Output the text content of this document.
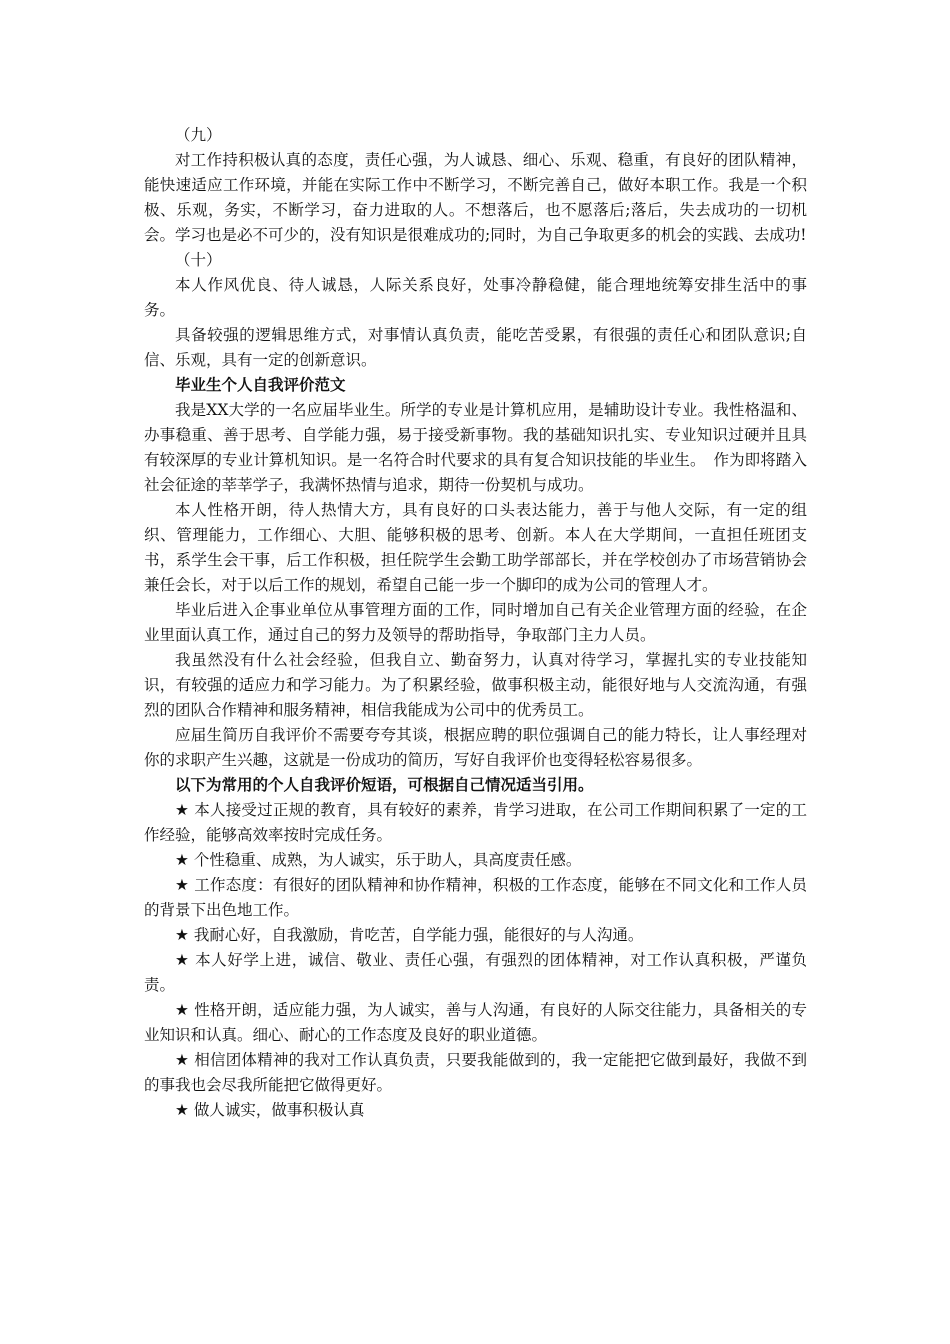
（九）

对工作持积极认真的态度，责任心强，为人诚恳、细心、乐观、稳重，有良好的团队精神，能快速适应工作环境，并能在实际工作中不断学习，不断完善自己，做好本职工作。我是一个积极、乐观，务实，不断学习，奋力进取的人。不想落后，也不愿落后;落后，失去成功的一切机会。学习也是必不可少的，没有知识是很难成功的;同时，为自己争取更多的机会的实践、去成功!

（十）

本人作风优良、待人诚恳，人际关系良好，处事冷静稳健，能合理地统筹安排生活中的事务。

具备较强的逻辑思维方式，对事情认真负责，能吃苦受累，有很强的责任心和团队意识;自信、乐观，具有一定的创新意识。

毕业生个人自我评价范文

我是XX大学的一名应届毕业生。所学的专业是计算机应用，是辅助设计专业。我性格温和、办事稳重、善于思考、自学能力强，易于接受新事物。我的基础知识扎实、专业知识过硬并且具有较深厚的专业计算机知识。是一名符合时代要求的具有复合知识技能的毕业生。　作为即将踏入社会征途的莘莘学子，我满怀热情与追求，期待一份契机与成功。

本人性格开朗，待人热情大方，具有良好的口头表达能力，善于与他人交际，有一定的组织、管理能力，工作细心、大胆、能够积极的思考、创新。本人在大学期间，一直担任班团支书，系学生会干事，后工作积极，担任院学生会勤工助学部部长，并在学校创办了市场营销协会兼任会长，对于以后工作的规划，希望自己能一步一个脚印的成为公司的管理人才。

毕业后进入企事业单位从事管理方面的工作，同时增加自己有关企业管理方面的经验，在企业里面认真工作，通过自己的努力及领导的帮助指导，争取部门主力人员。

我虽然没有什么社会经验，但我自立、勤奋努力，认真对待学习，掌握扎实的专业技能知识，有较强的适应力和学习能力。为了积累经验，做事积极主动，能很好地与人交流沟通，有强烈的团队合作精神和服务精神，相信我能成为公司中的优秀员工。

应届生简历自我评价不需要夸夸其谈，根据应聘的职位强调自己的能力特长，让人事经理对你的求职产生兴趣，这就是一份成功的简历，写好自我评价也变得轻松容易很多。

以下为常用的个人自我评价短语，可根据自己情况适当引用。

★ 本人接受过正规的教育，具有较好的素养，肯学习进取，在公司工作期间积累了一定的工作经验，能够高效率按时完成任务。

★ 个性稳重、成熟，为人诚实，乐于助人，具高度责任感。

★ 工作态度：有很好的团队精神和协作精神，积极的工作态度，能够在不同文化和工作人员的背景下出色地工作。

★ 我耐心好，自我激励，肯吃苦，自学能力强，能很好的与人沟通。

★ 本人好学上进，诚信、敬业、责任心强，有强烈的团体精神，对工作认真积极，严谨负责。

★ 性格开朗，适应能力强，为人诚实，善与人沟通，有良好的人际交往能力，具备相关的专业知识和认真。细心、耐心的工作态度及良好的职业道德。

★ 相信团体精神的我对工作认真负责，只要我能做到的，我一定能把它做到最好，我做不到的事我也会尽我所能把它做得更好。

★ 做人诚实，做事积极认真
